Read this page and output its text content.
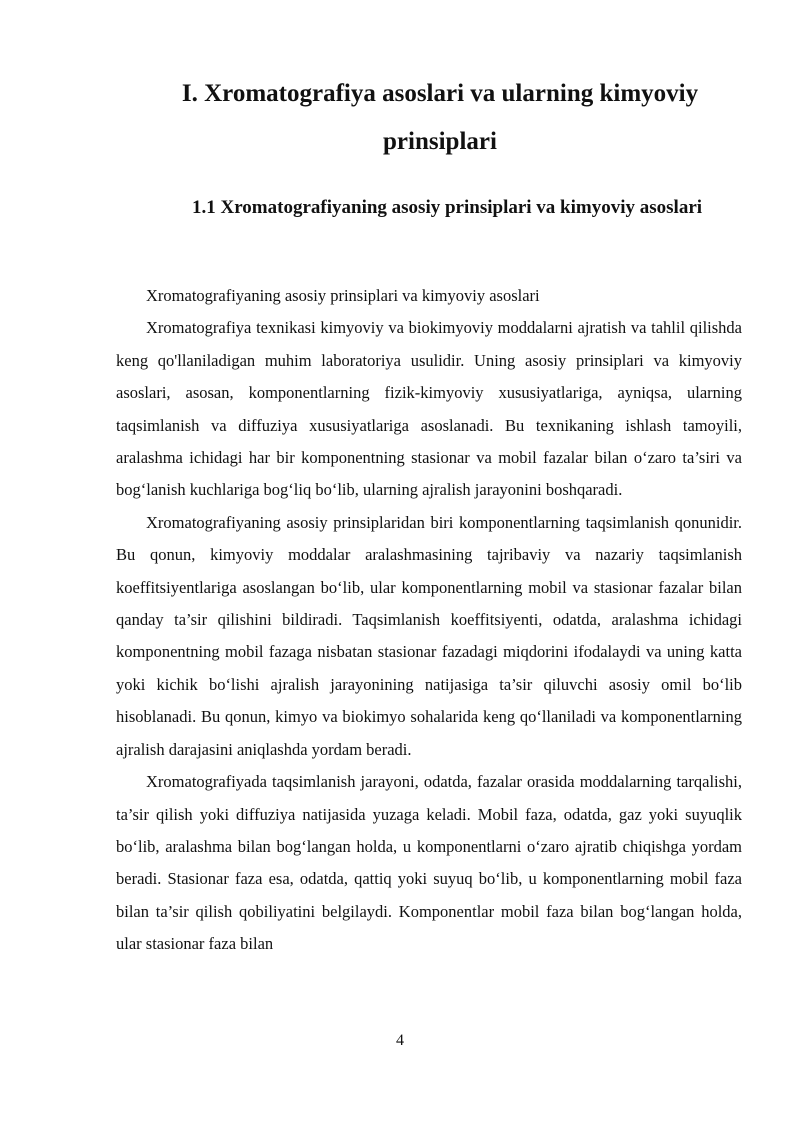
I. Xromatografiya asoslari va ularning kimyoviy prinsiplari
1.1 Xromatografiyaning asosiy prinsiplari va kimyoviy asoslari

Xromatografiyaning asosiy prinsiplari va kimyoviy asoslari

Xromatografiya texnikasi kimyoviy va biokimyoviy moddalarni ajratish va tahlil qilishda keng qo'llaniladigan muhim laboratoriya usulidir. Uning asosiy prinsiplari va kimyoviy asoslari, asosan, komponentlarning fizik-kimyoviy xususiyatlariga, ayniqsa, ularning taqsimlanish va diffuziya xususiyatlariga asoslanadi. Bu texnikaning ishlash tamoyili, aralashma ichidagi har bir komponentning stasionar va mobil fazalar bilan o‘zaro ta’siri va bog‘lanish kuchlariga bog‘liq bo‘lib, ularning ajralish jarayonini boshqaradi.

Xromatografiyaning asosiy prinsiplaridan biri komponentlarning taqsimlanish qonunidir. Bu qonun, kimyoviy moddalar aralashmasining tajribaviy va nazariy taqsimlanish koeffitsiyentlariga asoslangan bo‘lib, ular komponentlarning mobil va stasionar fazalar bilan qanday ta’sir qilishini bildiradi. Taqsimlanish koeffitsiyenti, odatda, aralashma ichidagi komponentning mobil fazaga nisbatan stasionar fazadagi miqdorini ifodalaydi va uning katta yoki kichik bo‘lishi ajralish jarayonining natijasiga ta’sir qiluvchi asosiy omil bo‘lib hisoblanadi. Bu qonun, kimyo va biokimyo sohalarida keng qo‘llaniladi va komponentlarning ajralish darajasini aniqlashda yordam beradi.

Xromatografiyada taqsimlanish jarayoni, odatda, fazalar orasida moddalarning tarqalishi, ta’sir qilish yoki diffuziya natijasida yuzaga keladi. Mobil faza, odatda, gaz yoki suyuqlik bo‘lib, aralashma bilan bog‘langan holda, u komponentlarni o‘zaro ajratib chiqishga yordam beradi. Stasionar faza esa, odatda, qattiq yoki suyuq bo‘lib, u komponentlarning mobil faza bilan ta’sir qilish qobiliyatini belgilaydi. Komponentlar mobil faza bilan bog‘langan holda, ular stasionar faza bilan

4
